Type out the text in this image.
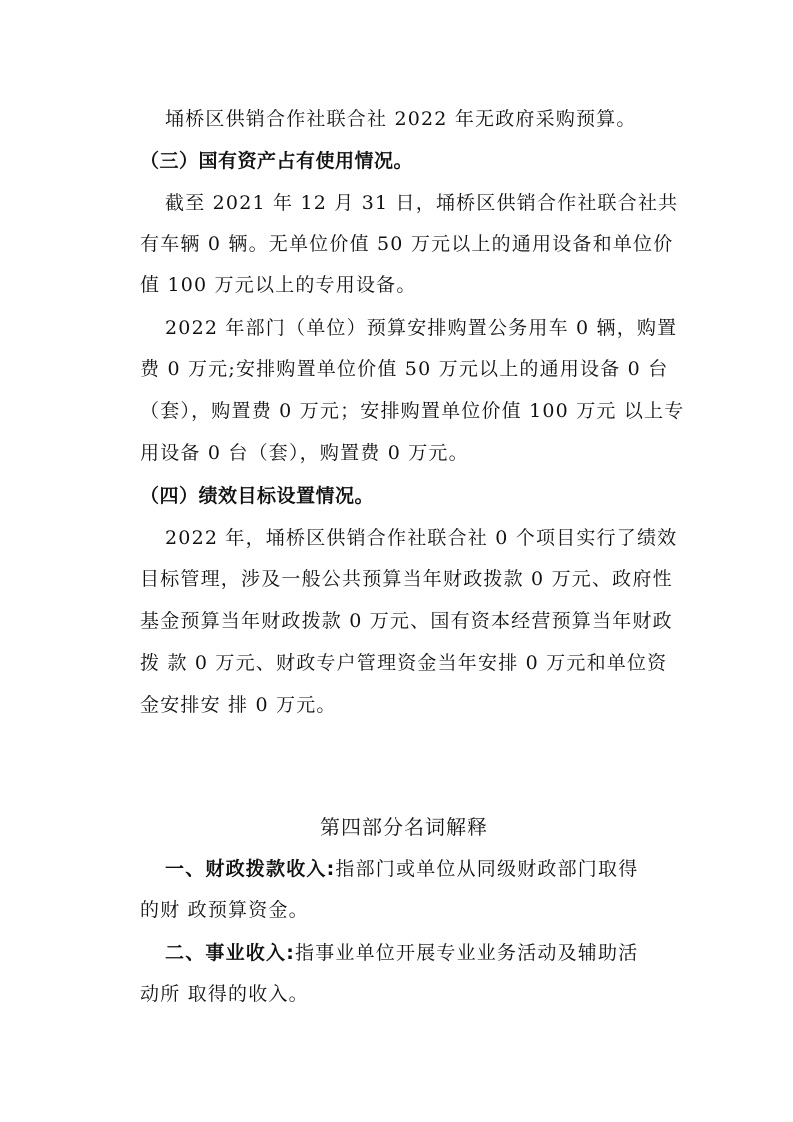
埇桥区供销合作社联合社 2022 年无政府采购预算。
（三）国有资产占有使用情况。
截至 2021 年 12 月 31 日，埇桥区供销合作社联合社共
有车辆 0 辆。无单位价值 50 万元以上的通用设备和单位价
值 100 万元以上的专用设备。
2022 年部门（单位）预算安排购置公务用车 0 辆，购置
费 0 万元;安排购置单位价值 50 万元以上的通用设备 0 台
（套），购置费 0 万元；安排购置单位价值 100 万元 以上专
用设备 0 台（套），购置费 0 万元。
（四）绩效目标设置情况。
2022 年，埇桥区供销合作社联合社 0 个项目实行了绩效
目标管理，涉及一般公共预算当年财政拨款 0 万元、政府性
基金预算当年财政拨款 0 万元、国有资本经营预算当年财政
拨 款 0 万元、财政专户管理资金当年安排 0 万元和单位资
金安排安 排 0 万元。
第四部分名词解释
一、财政拨款收入:指部门或单位从同级财政部门取得
的财 政预算资金。
二、事业收入:指事业单位开展专业业务活动及辅助活
动所 取得的收入。
